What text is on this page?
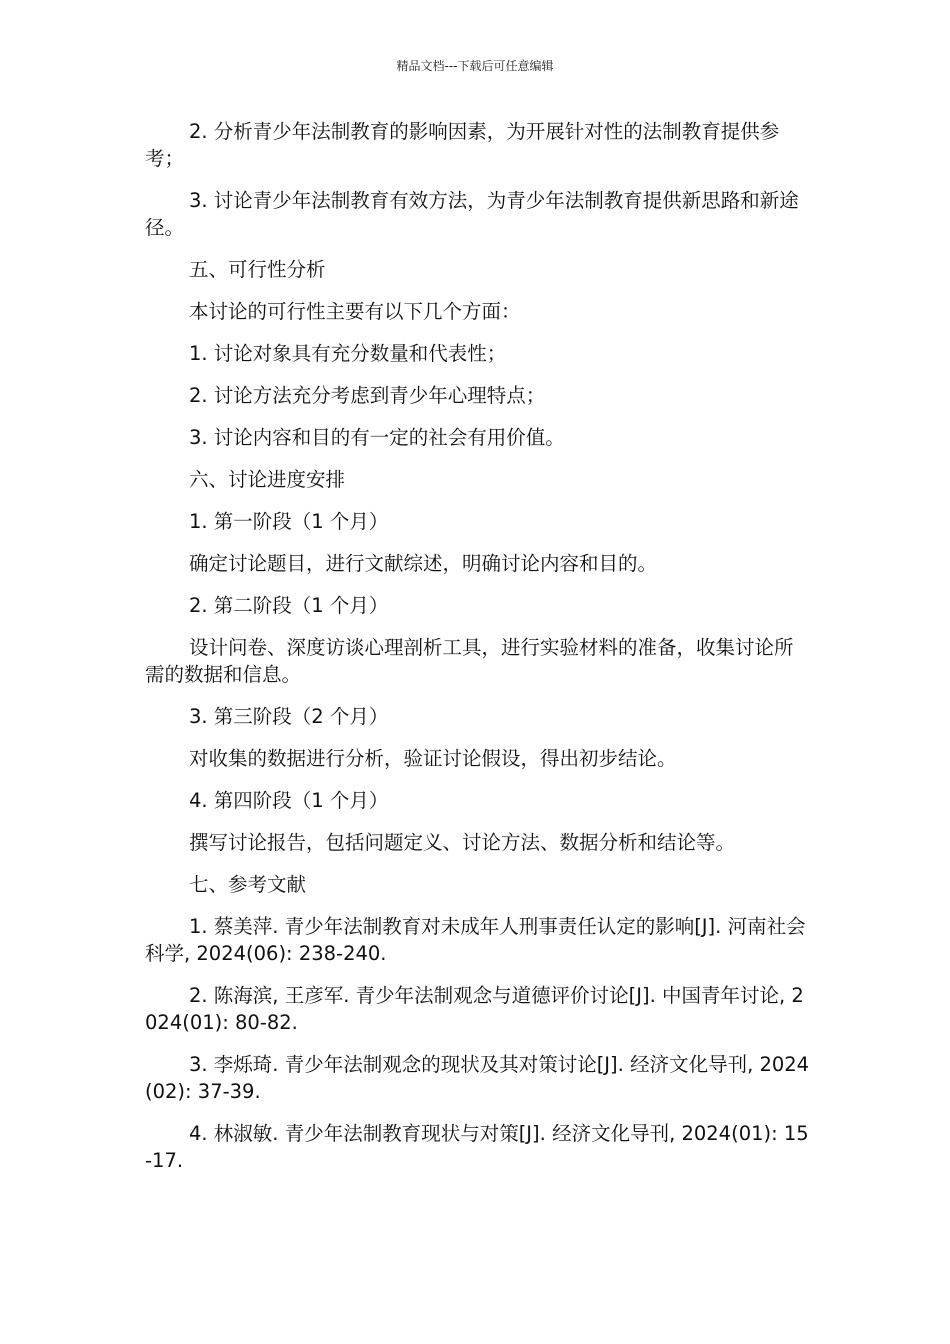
精品文档---下载后可任意编辑

2. 分析青少年法制教育的影响因素，为开展针对性的法制教育提供参考；

3. 讨论青少年法制教育有效方法，为青少年法制教育提供新思路和新途径。

五、可行性分析

本讨论的可行性主要有以下几个方面：

1. 讨论对象具有充分数量和代表性；

2. 讨论方法充分考虑到青少年心理特点；

3. 讨论内容和目的有一定的社会有用价值。

六、讨论进度安排

1. 第一阶段（1 个月）

确定讨论题目，进行文献综述，明确讨论内容和目的。

2. 第二阶段（1 个月）

设计问卷、深度访谈心理剖析工具，进行实验材料的准备，收集讨论所需的数据和信息。

3. 第三阶段（2 个月）

对收集的数据进行分析，验证讨论假设，得出初步结论。

4. 第四阶段（1 个月）

撰写讨论报告，包括问题定义、讨论方法、数据分析和结论等。

七、参考文献

1. 蔡美萍. 青少年法制教育对未成年人刑事责任认定的影响[J]. 河南社会科学, 2024(06): 238-240.

2. 陈海滨, 王彦军. 青少年法制观念与道德评价讨论[J]. 中国青年讨论, 2024(01): 80-82.

3. 李烁琦. 青少年法制观念的现状及其对策讨论[J]. 经济文化导刊, 2024(02): 37-39.

4. 林淑敏. 青少年法制教育现状与对策[J]. 经济文化导刊, 2024(01): 15-17.
